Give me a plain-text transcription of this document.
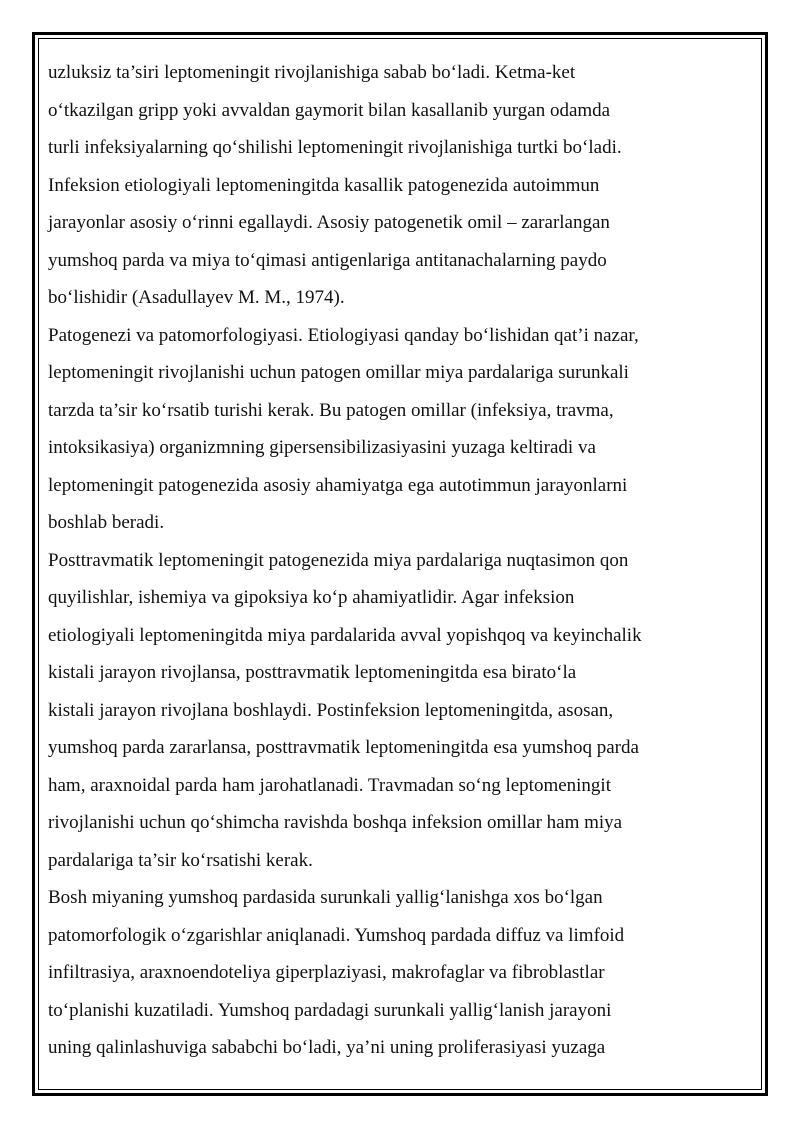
uzluksiz ta’siri leptomeningit rivojlanishiga sabab bo‘ladi. Ketma-ket
o‘tkazilgan gripp yoki avvaldan gaymorit bilan kasallanib yurgan odamda
turli infeksiyalarning qo‘shilishi leptomeningit rivojlanishiga turtki bo‘ladi.
Infeksion etiologiyali leptomeningitda kasallik patogenezida autoimmun
jarayonlar asosiy o‘rinni egallaydi. Asosiy patogenetik omil – zararlangan
yumshoq parda va miya to‘qimasi antigenlariga antitanachalarning paydo
bo‘lishidir (Asadullayev M. M., 1974).
Patogenezi va patomorfologiyasi. Etiologiyasi qanday bo‘lishidan qat’i nazar,
leptomeningit rivojlanishi uchun patogen omillar miya pardalariga surunkali
tarzda ta’sir ko‘rsatib turishi kerak. Bu patogen omillar (infeksiya, travma,
intoksikasiya) organizmning gipersensibilizasiyasini yuzaga keltiradi va
leptomeningit patogenezida asosiy ahamiyatga ega autotimmun jarayonlarni
boshlab beradi.
Posttravmatik leptomeningit patogenezida miya pardalariga nuqtasimon qon
quyilishlar, ishemiya va gipoksiya ko‘p ahamiyatlidir. Agar infeksion
etiologiyali leptomeningitda miya pardalarida avval yopishqoq va keyinchalik
kistali jarayon rivojlansa, posttravmatik leptomeningitda esa birato‘la
kistali jarayon rivojlana boshlaydi. Postinfeksion leptomeningitda, asosan,
yumshoq parda zararlansa, posttravmatik leptomeningitda esa yumshoq parda
ham, araxnoidal parda ham jarohatlanadi. Travmadan so‘ng leptomeningit
rivojlanishi uchun qo‘shimcha ravishda boshqa infeksion omillar ham miya
pardalariga ta’sir ko‘rsatishi kerak.
Bosh miyaning yumshoq pardasida surunkali yallig‘lanishga xos bo‘lgan
patomorfologik o‘zgarishlar aniqlanadi. Yumshoq pardada diffuz va limfoid
infiltrasiya, araxnoendoteliya giperplaziyasi, makrofaglar va fibroblastlar
to‘planishi kuzatiladi. Yumshoq pardadagi surunkali yallig‘lanish jarayoni
uning qalinlashuviga sababchi bo‘ladi, ya’ni uning proliferasiyasi yuzaga
